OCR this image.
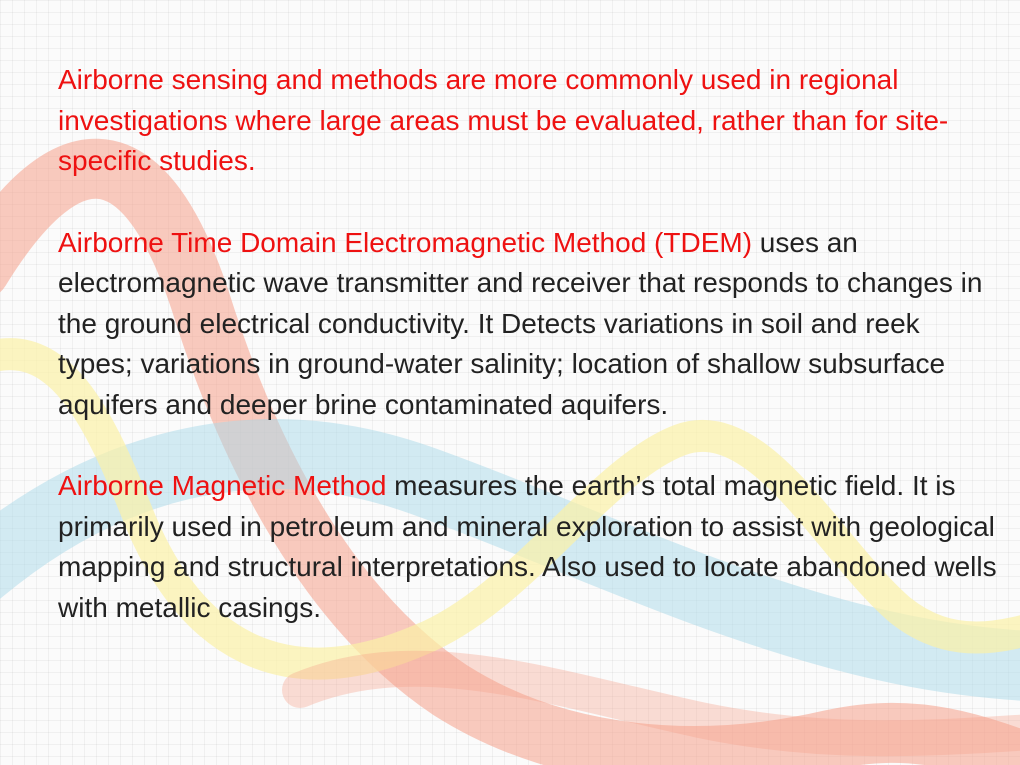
Airborne sensing and methods are more commonly used in regional investigations where large areas must be evaluated, rather than for site-specific studies.

Airborne Time Domain Electromagnetic Method (TDEM) uses an electromagnetic wave transmitter and receiver that responds to changes in the ground electrical conductivity. It Detects variations in soil and reek types; variations in ground-water salinity; location of shallow subsurface aquifers and deeper brine contaminated aquifers.

Airborne Magnetic Method measures the earth’s total magnetic field. It is primarily used in petroleum and mineral exploration to assist with geological mapping and structural interpretations. Also used to locate abandoned wells with metallic casings.
